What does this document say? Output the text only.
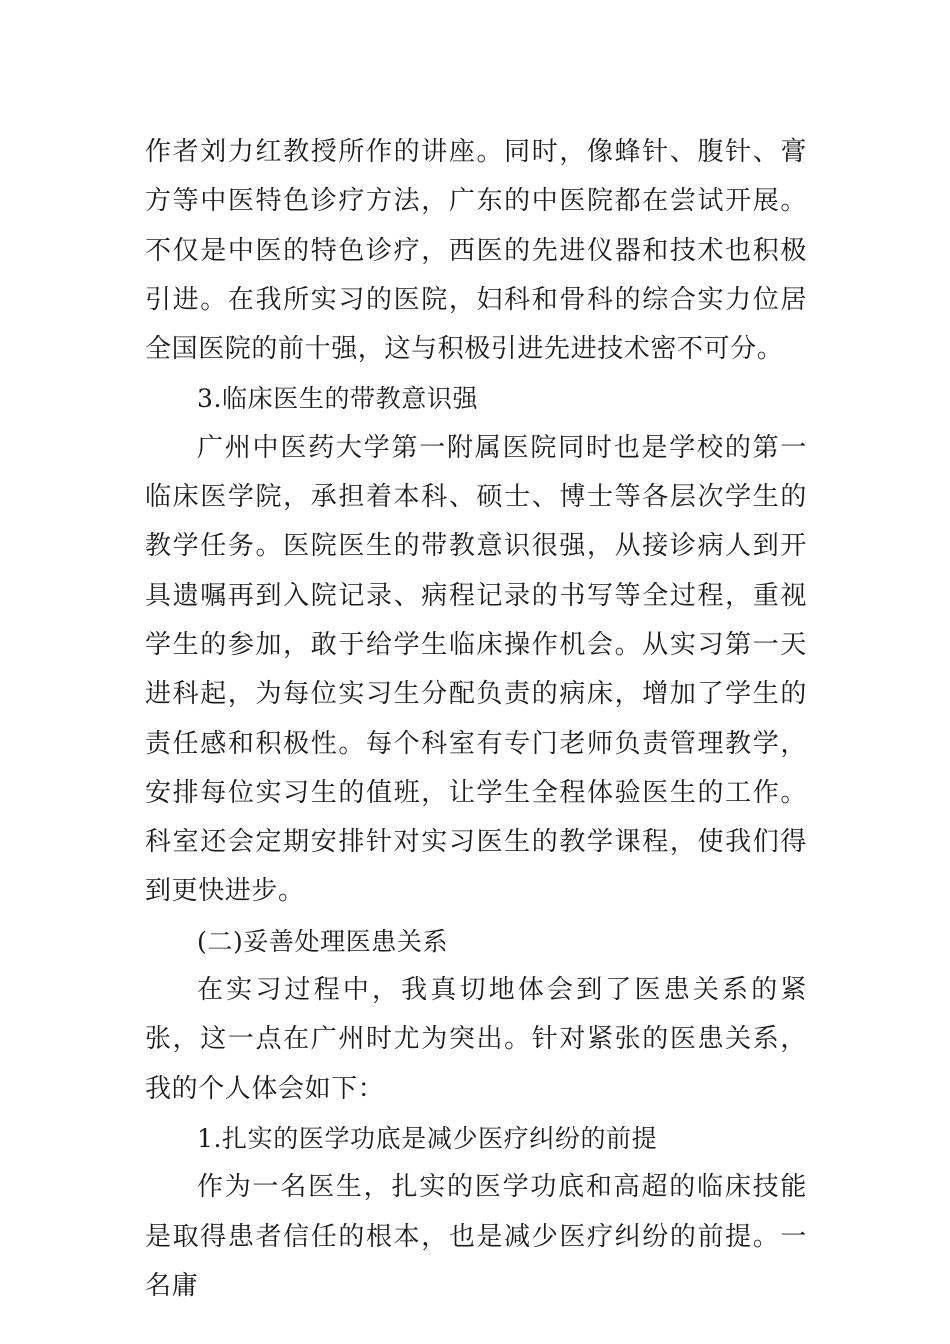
作者刘力红教授所作的讲座。同时，像蜂针、腹针、膏方等中医特色诊疗方法，广东的中医院都在尝试开展。不仅是中医的特色诊疗，西医的先进仪器和技术也积极引进。在我所实习的医院，妇科和骨科的综合实力位居全国医院的前十强，这与积极引进先进技术密不可分。

3.临床医生的带教意识强

广州中医药大学第一附属医院同时也是学校的第一临床医学院，承担着本科、硕士、博士等各层次学生的教学任务。医院医生的带教意识很强，从接诊病人到开具遗嘱再到入院记录、病程记录的书写等全过程，重视学生的参加，敢于给学生临床操作机会。从实习第一天进科起，为每位实习生分配负责的病床，增加了学生的责任感和积极性。每个科室有专门老师负责管理教学，安排每位实习生的值班，让学生全程体验医生的工作。科室还会定期安排针对实习医生的教学课程，使我们得到更快进步。

(二)妥善处理医患关系

在实习过程中，我真切地体会到了医患关系的紧张，这一点在广州时尤为突出。针对紧张的医患关系，我的个人体会如下：

1.扎实的医学功底是减少医疗纠纷的前提

作为一名医生，扎实的医学功底和高超的临床技能是取得患者信任的根本，也是减少医疗纠纷的前提。一名庸
